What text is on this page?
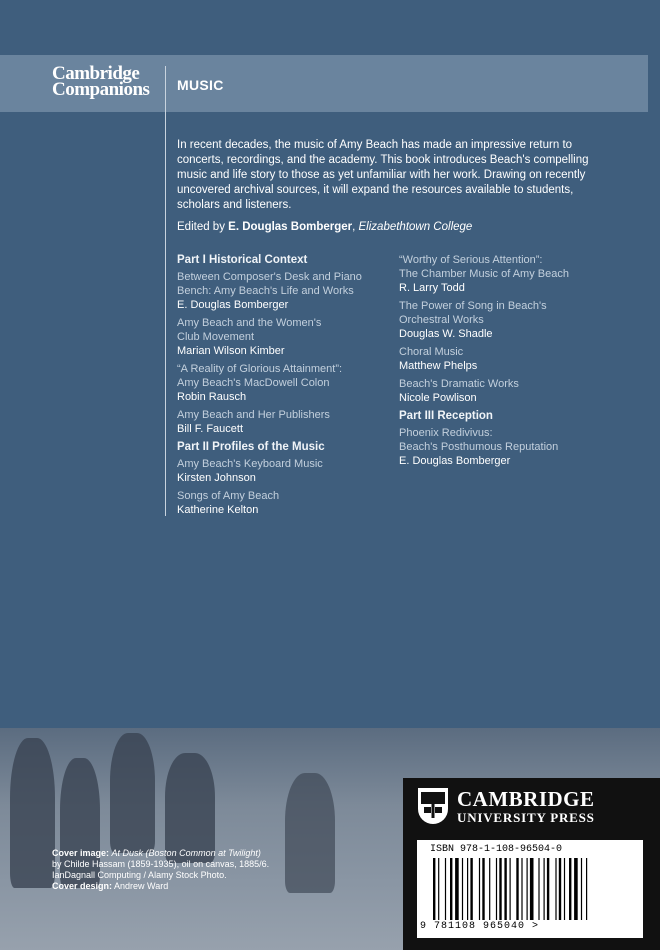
Cambridge
Companions	MUSIC
In recent decades, the music of Amy Beach has made an impressive return to concerts, recordings, and the academy. This book introduces Beach's compelling music and life story to those as yet unfamiliar with her work. Drawing on recently uncovered archival sources, it will expand the resources available to students, scholars and listeners.
Edited by E. Douglas Bomberger, Elizabethtown College
Part I Historical Context
Between Composer's Desk and Piano
Bench: Amy Beach's Life and Works
E. Douglas Bomberger
Amy Beach and the Women's
Club Movement
Marian Wilson Kimber
“A Reality of Glorious Attainment”:
Amy Beach's MacDowell Colon
Robin Rausch
Amy Beach and Her Publishers
Bill F. Faucett
Part II Profiles of the Music
Amy Beach's Keyboard Music
Kirsten Johnson
Songs of Amy Beach
Katherine Kelton
“Worthy of Serious Attention”:
The Chamber Music of Amy Beach
R. Larry Todd
The Power of Song in Beach's
Orchestral Works
Douglas W. Shadle
Choral Music
Matthew Phelps
Beach's Dramatic Works
Nicole Powlison
Part III Reception
Phoenix Redivivus:
Beach's Posthumous Reputation
E. Douglas Bomberger
Cover image: At Dusk (Boston Common at Twilight)
by Childe Hassam (1859-1935), oil on canvas, 1885/6.
IanDagnall Computing / Alamy Stock Photo.
Cover design: Andrew Ward
CAMBRIDGE
UNIVERSITY PRESS
ISBN 978-1-108-96504-0
9 781108 965040 >
